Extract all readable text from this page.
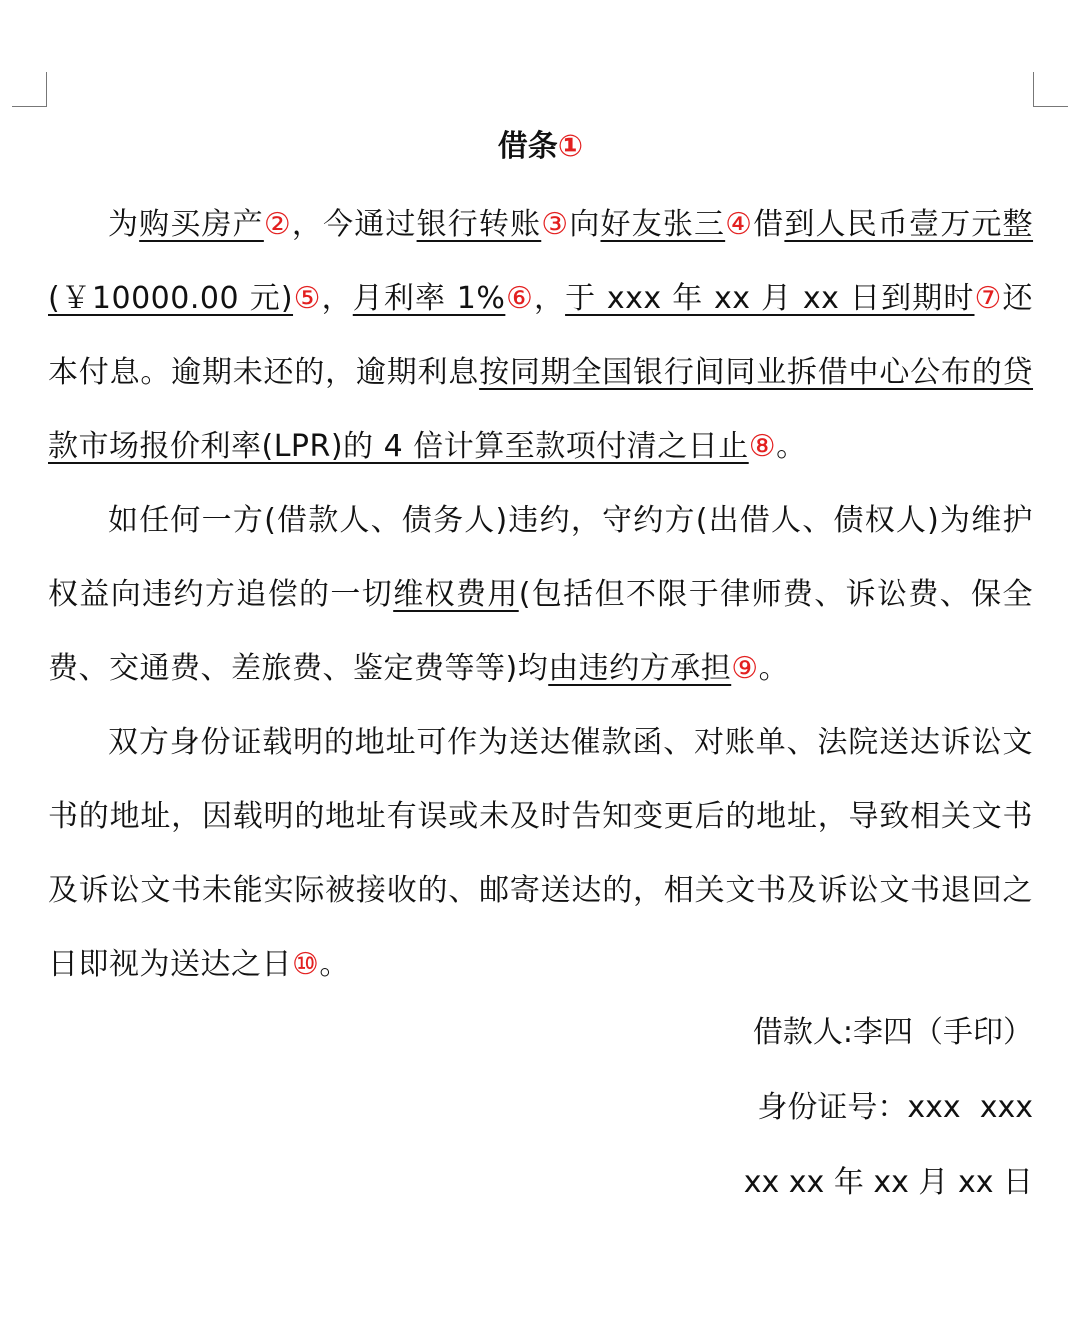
借条①

为购买房产②，今通过银行转账③向好友张三④借到人民币壹万元整(￥10000.00 元)⑤，月利率 1%⑥，于 xxx 年 xx 月 xx 日到期时⑦还本付息。逾期未还的，逾期利息按同期全国银行间同业拆借中心公布的贷款市场报价利率(LPR)的 4 倍计算至款项付清之日止⑧。

如任何一方(借款人、债务人)违约，守约方(出借人、债权人)为维护权益向违约方追偿的一切维权费用(包括但不限于律师费、诉讼费、保全费、交通费、差旅费、鉴定费等等)均由违约方承担⑨。

双方身份证载明的地址可作为送达催款函、对账单、法院送达诉讼文书的地址，因载明的地址有误或未及时告知变更后的地址，导致相关文书及诉讼文书未能实际被接收的、邮寄送达的，相关文书及诉讼文书退回之日即视为送达之日⑩。

借款人:李四（手印）
身份证号：xxx  xxx
xx xx 年 xx 月 xx 日
